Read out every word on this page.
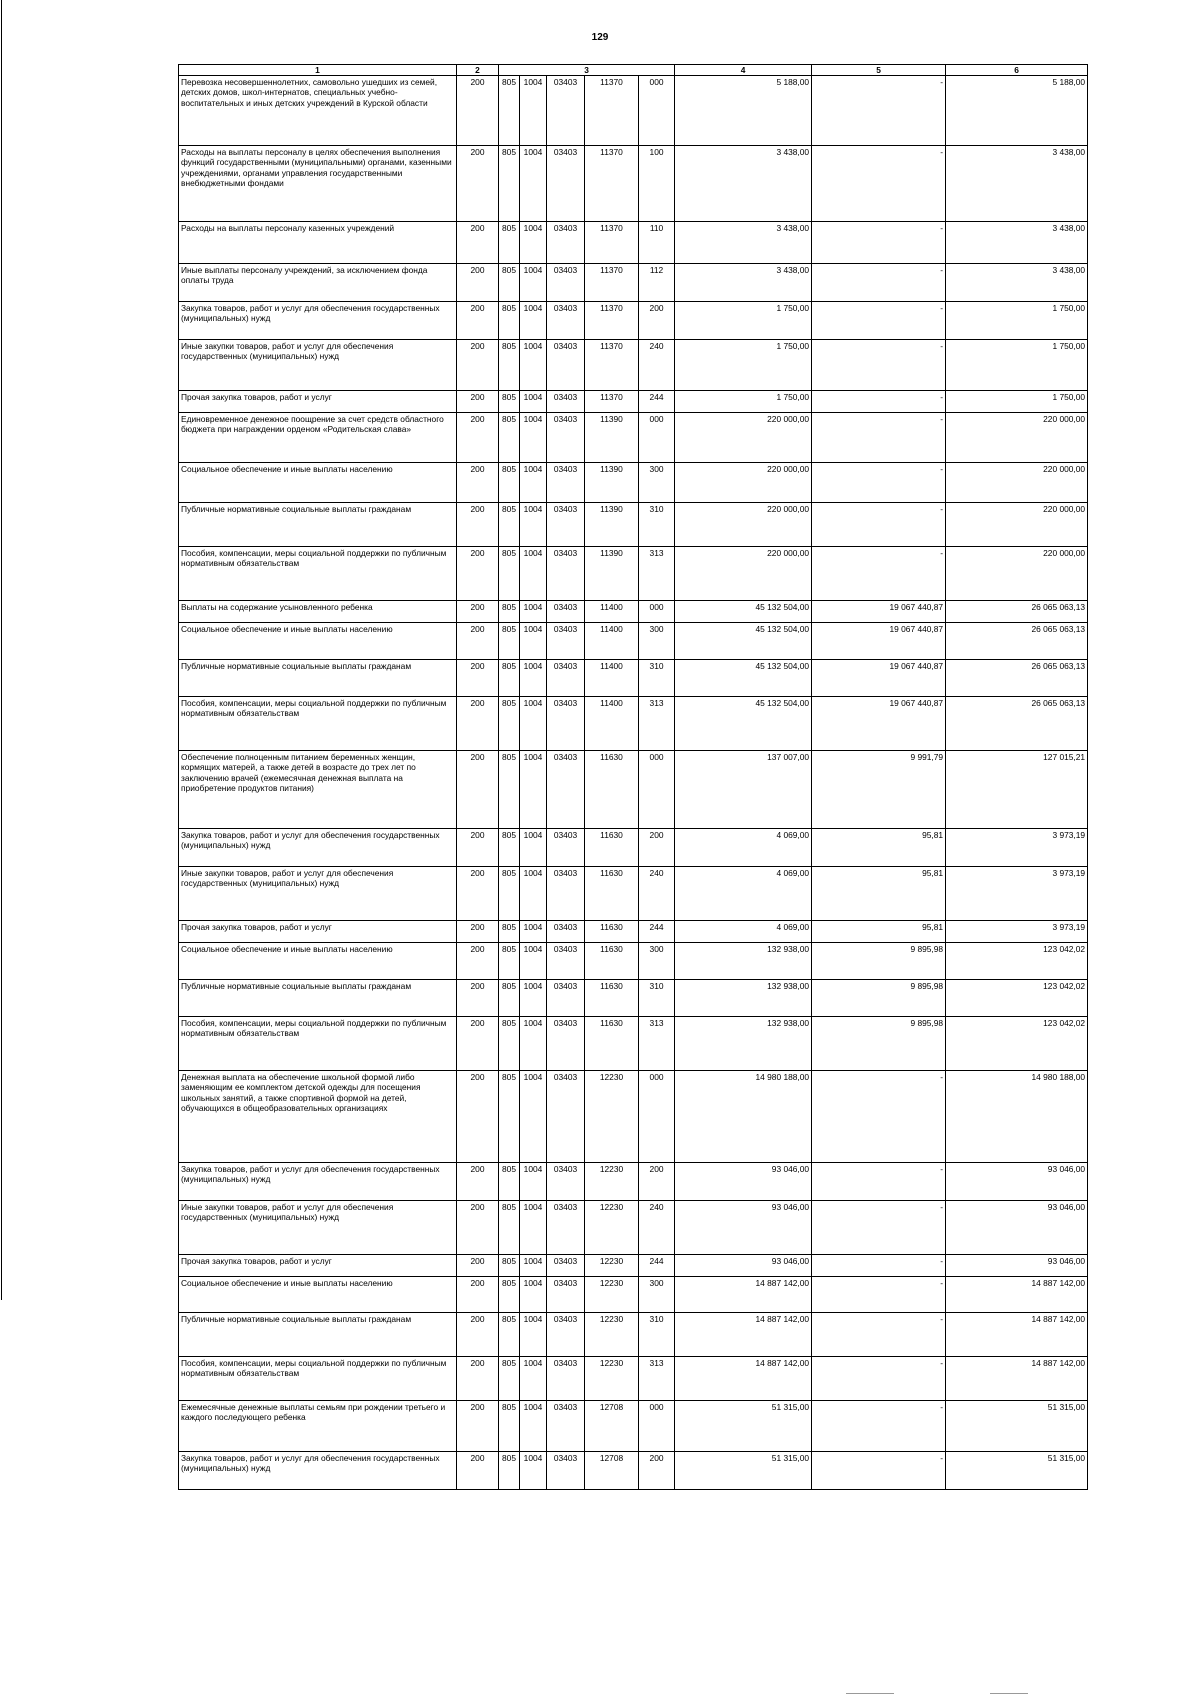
129
1	2	3					4	5	6
Перевозка несовершеннолетних, самовольно ушедших из семей, детских домов, школ-интернатов, специальных учебно-воспитательных и иных детских учреждений в Курской области	200	805	1004	03403	11370	000	5 188,00	-	5 188,00
Расходы на выплаты персоналу в целях обеспечения выполнения функций государственными (муниципальными) органами, казенными учреждениями, органами управления государственными внебюджетными фондами	200	805	1004	03403	11370	100	3 438,00	-	3 438,00
Расходы на выплаты персоналу казенных учреждений	200	805	1004	03403	11370	110	3 438,00	-	3 438,00
Иные выплаты персоналу учреждений, за исключением фонда оплаты труда	200	805	1004	03403	11370	112	3 438,00	-	3 438,00
Закупка товаров, работ и услуг для обеспечения государственных (муниципальных) нужд	200	805	1004	03403	11370	200	1 750,00	-	1 750,00
Иные закупки товаров, работ и услуг для обеспечения государственных (муниципальных) нужд	200	805	1004	03403	11370	240	1 750,00	-	1 750,00
Прочая закупка товаров, работ и услуг	200	805	1004	03403	11370	244	1 750,00	-	1 750,00
Единовременное денежное поощрение за счет средств областного бюджета при награждении орденом «Родительская слава»	200	805	1004	03403	11390	000	220 000,00	-	220 000,00
Социальное обеспечение и иные выплаты населению	200	805	1004	03403	11390	300	220 000,00	-	220 000,00
Публичные нормативные социальные выплаты гражданам	200	805	1004	03403	11390	310	220 000,00	-	220 000,00
Пособия, компенсации, меры социальной поддержки по публичным нормативным обязательствам	200	805	1004	03403	11390	313	220 000,00	-	220 000,00
Выплаты на содержание усыновленного ребенка	200	805	1004	03403	11400	000	45 132 504,00	19 067 440,87	26 065 063,13
Социальное обеспечение и иные выплаты населению	200	805	1004	03403	11400	300	45 132 504,00	19 067 440,87	26 065 063,13
Публичные нормативные социальные выплаты гражданам	200	805	1004	03403	11400	310	45 132 504,00	19 067 440,87	26 065 063,13
Пособия, компенсации, меры социальной поддержки по публичным нормативным обязательствам	200	805	1004	03403	11400	313	45 132 504,00	19 067 440,87	26 065 063,13
Обеспечение полноценным питанием беременных женщин, кормящих матерей, а также детей в возрасте до трех лет по заключению врачей (ежемесячная денежная выплата на приобретение продуктов питания)	200	805	1004	03403	11630	000	137 007,00	9 991,79	127 015,21
Закупка товаров, работ и услуг для обеспечения государственных (муниципальных) нужд	200	805	1004	03403	11630	200	4 069,00	95,81	3 973,19
Иные закупки товаров, работ и услуг для обеспечения государственных (муниципальных) нужд	200	805	1004	03403	11630	240	4 069,00	95,81	3 973,19
Прочая закупка товаров, работ и услуг	200	805	1004	03403	11630	244	4 069,00	95,81	3 973,19
Социальное обеспечение и иные выплаты населению	200	805	1004	03403	11630	300	132 938,00	9 895,98	123 042,02
Публичные нормативные социальные выплаты гражданам	200	805	1004	03403	11630	310	132 938,00	9 895,98	123 042,02
Пособия, компенсации, меры социальной поддержки по публичным нормативным обязательствам	200	805	1004	03403	11630	313	132 938,00	9 895,98	123 042,02
Денежная выплата на обеспечение школьной формой либо заменяющим ее комплектом детской одежды для посещения школьных занятий, а также спортивной формой на детей, обучающихся в общеобразовательных организациях	200	805	1004	03403	12230	000	14 980 188,00	-	14 980 188,00
Закупка товаров, работ и услуг для обеспечения государственных (муниципальных) нужд	200	805	1004	03403	12230	200	93 046,00	-	93 046,00
Иные закупки товаров, работ и услуг для обеспечения государственных (муниципальных) нужд	200	805	1004	03403	12230	240	93 046,00	-	93 046,00
Прочая закупка товаров, работ и услуг	200	805	1004	03403	12230	244	93 046,00	-	93 046,00
Социальное обеспечение и иные выплаты населению	200	805	1004	03403	12230	300	14 887 142,00	-	14 887 142,00
Публичные нормативные социальные выплаты гражданам	200	805	1004	03403	12230	310	14 887 142,00	-	14 887 142,00
Пособия, компенсации, меры социальной поддержки по публичным нормативным обязательствам	200	805	1004	03403	12230	313	14 887 142,00	-	14 887 142,00
Ежемесячные денежные выплаты семьям при рождении третьего и каждого последующего ребенка	200	805	1004	03403	12708	000	51 315,00	-	51 315,00
Закупка товаров, работ и услуг для обеспечения государственных (муниципальных) нужд	200	805	1004	03403	12708	200	51 315,00	-	51 315,00
